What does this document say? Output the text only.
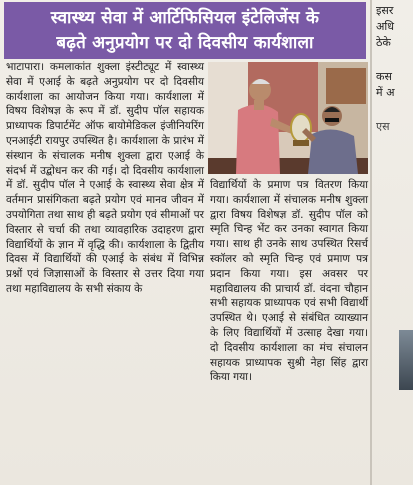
स्वास्थ्य सेवा में आर्टिफिसियल इंटेलिजेंस के
बढ़ते अनुप्रयोग पर दो दिवसीय कार्यशाला

भाटापारा। कमलाकांत शुक्ला इंस्टीट्यूट में स्वास्थ्य सेवा में एआई के बढ़ते अनुप्रयोग पर दो दिवसीय कार्यशाला का आयोजन किया गया। कार्यशाला में विषय विशेषज्ञ के रूप में डॉ. सुदीप पॉल सहायक प्राध्यापक डिपार्टमेंट ऑफ बायोमेडिकल इंजीनियरिंग एनआईटी रायपुर उपस्थित है। कार्यशाला के प्रारंभ में संस्थान के संचालक मनीष शुक्ला द्वारा एआई के संदर्भ में उद्बोधन कर की गई। दो दिवसीय कार्यशाला में डॉ. सुदीप पॉल ने एआई के स्वास्थ्य सेवा क्षेत्र में वर्तमान प्रासंगिकता बढ़ते प्रयोग एवं मानव जीवन में उपयोगिता तथा साथ ही बढ़ते प्रयोग एवं सीमाओं पर विस्तार से चर्चा की तथा व्यावहारिक उदाहरण द्वारा विद्यार्थियों के ज्ञान में वृद्धि की। कार्यशाला के द्वितीय दिवस में विद्यार्थियों की एआई के संबंध में विभिन्न प्रश्नों एवं जिज्ञासाओं के विस्तार से उत्तर दिया गया तथा महाविद्यालय के सभी संकाय के

विद्यार्थियों के प्रमाण पत्र वितरण किया गया। कार्यशाला में संचालक मनीष शुक्ला द्वारा विषय विशेषज्ञ डॉ. सुदीप पॉल को स्मृति चिन्ह भेंट कर उनका स्वागत किया गया। साथ ही उनके साथ उपस्थित रिसर्च स्कॉलर को स्मृति चिन्ह एवं प्रमाण पत्र प्रदान किया गया। इस अवसर पर महाविद्यालय की प्राचार्य डॉ. वंदना चौहान सभी सहायक प्राध्यापक एवं सभी विद्यार्थी उपस्थित थे। एआई से संबंधित व्याख्यान के लिए विद्यार्थियों में उत्साह देखा गया। दो दिवसीय कार्यशाला का मंच संचालन सहायक प्राध्यापक सुश्री नेहा सिंह द्वारा किया गया।

इसर
अधि
ठेके
कस
में अ
एस
